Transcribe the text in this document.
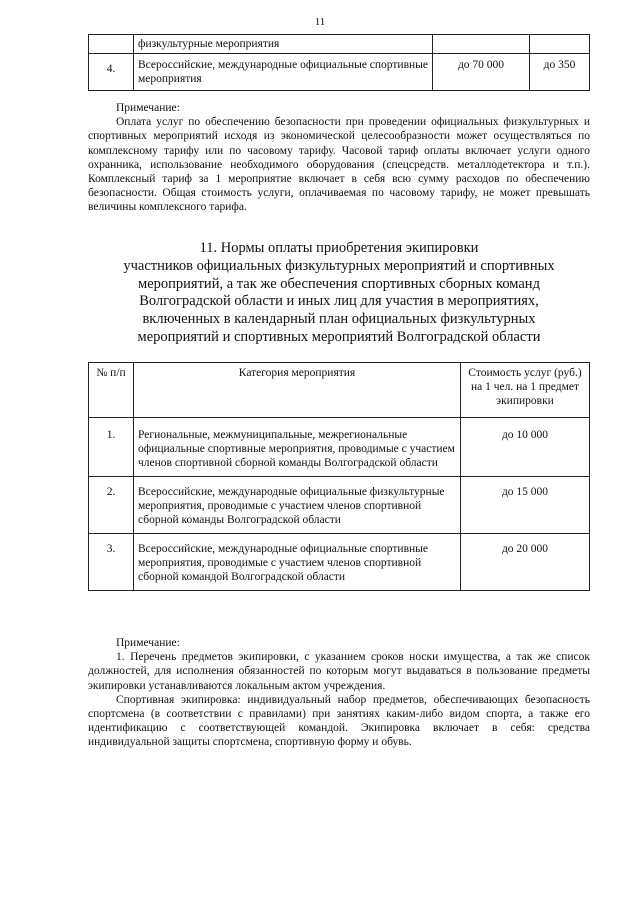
11
	физкультурные мероприятия		
4.	Всероссийские, международные официальные спортивные мероприятия	до 70 000	до 350

Примечание:

Оплата услуг по обеспечению безопасности при проведении официальных физкультурных и спортивных мероприятий исходя из экономической целесообразности может осуществляться по комплексному тарифу или по часовому тарифу. Часовой тариф оплаты включает услуги одного охранника, использование необходимого оборудования (спецсредств. металлодетектора и т.п.). Комплексный тариф за 1 мероприятие включает в себя всю сумму расходов по обеспечению безопасности. Общая стоимость услуги, оплачиваемая по часовому тарифу, не может превышать величины комплексного тарифа.

11. Нормы оплаты приобретения экипировки
участников официальных физкультурных мероприятий и спортивных
мероприятий, а так же обеспечения спортивных сборных команд
Волгоградской области и иных лиц для участия в мероприятиях,
включенных в календарный план официальных физкультурных
мероприятий и спортивных мероприятий Волгоградской области
№ п/п	Категория мероприятия	Стоимость услуг (руб.) на 1 чел. на 1 предмет экипировки
1.	Региональные, межмуниципальные, межрегиональные официальные спортивные мероприятия, проводимые с участием членов спортивной сборной команды Волгоградской области	до 10 000
2.	Всероссийские, международные официальные физкультурные мероприятия, проводимые с участием членов спортивной сборной команды Волгоградской области	до 15 000
3.	Всероссийские, международные официальные спортивные мероприятия, проводимые с участием членов спортивной сборной командой Волгоградской области	до 20 000

Примечание:

1. Перечень предметов экипировки, с указанием сроков носки имущества, а так же список должностей, для исполнения обязанностей по которым могут выдаваться в пользование предметы экипировки устанавливаются локальным актом учреждения.

Спортивная экипировка: индивидуальный набор предметов, обеспечивающих безопасность спортсмена (в соответствии с правилами) при занятиях каким-либо видом спорта, а также его идентификацию с соответствующей командой. Экипировка включает в себя: средства индивидуальной защиты спортсмена, спортивную форму и обувь.
